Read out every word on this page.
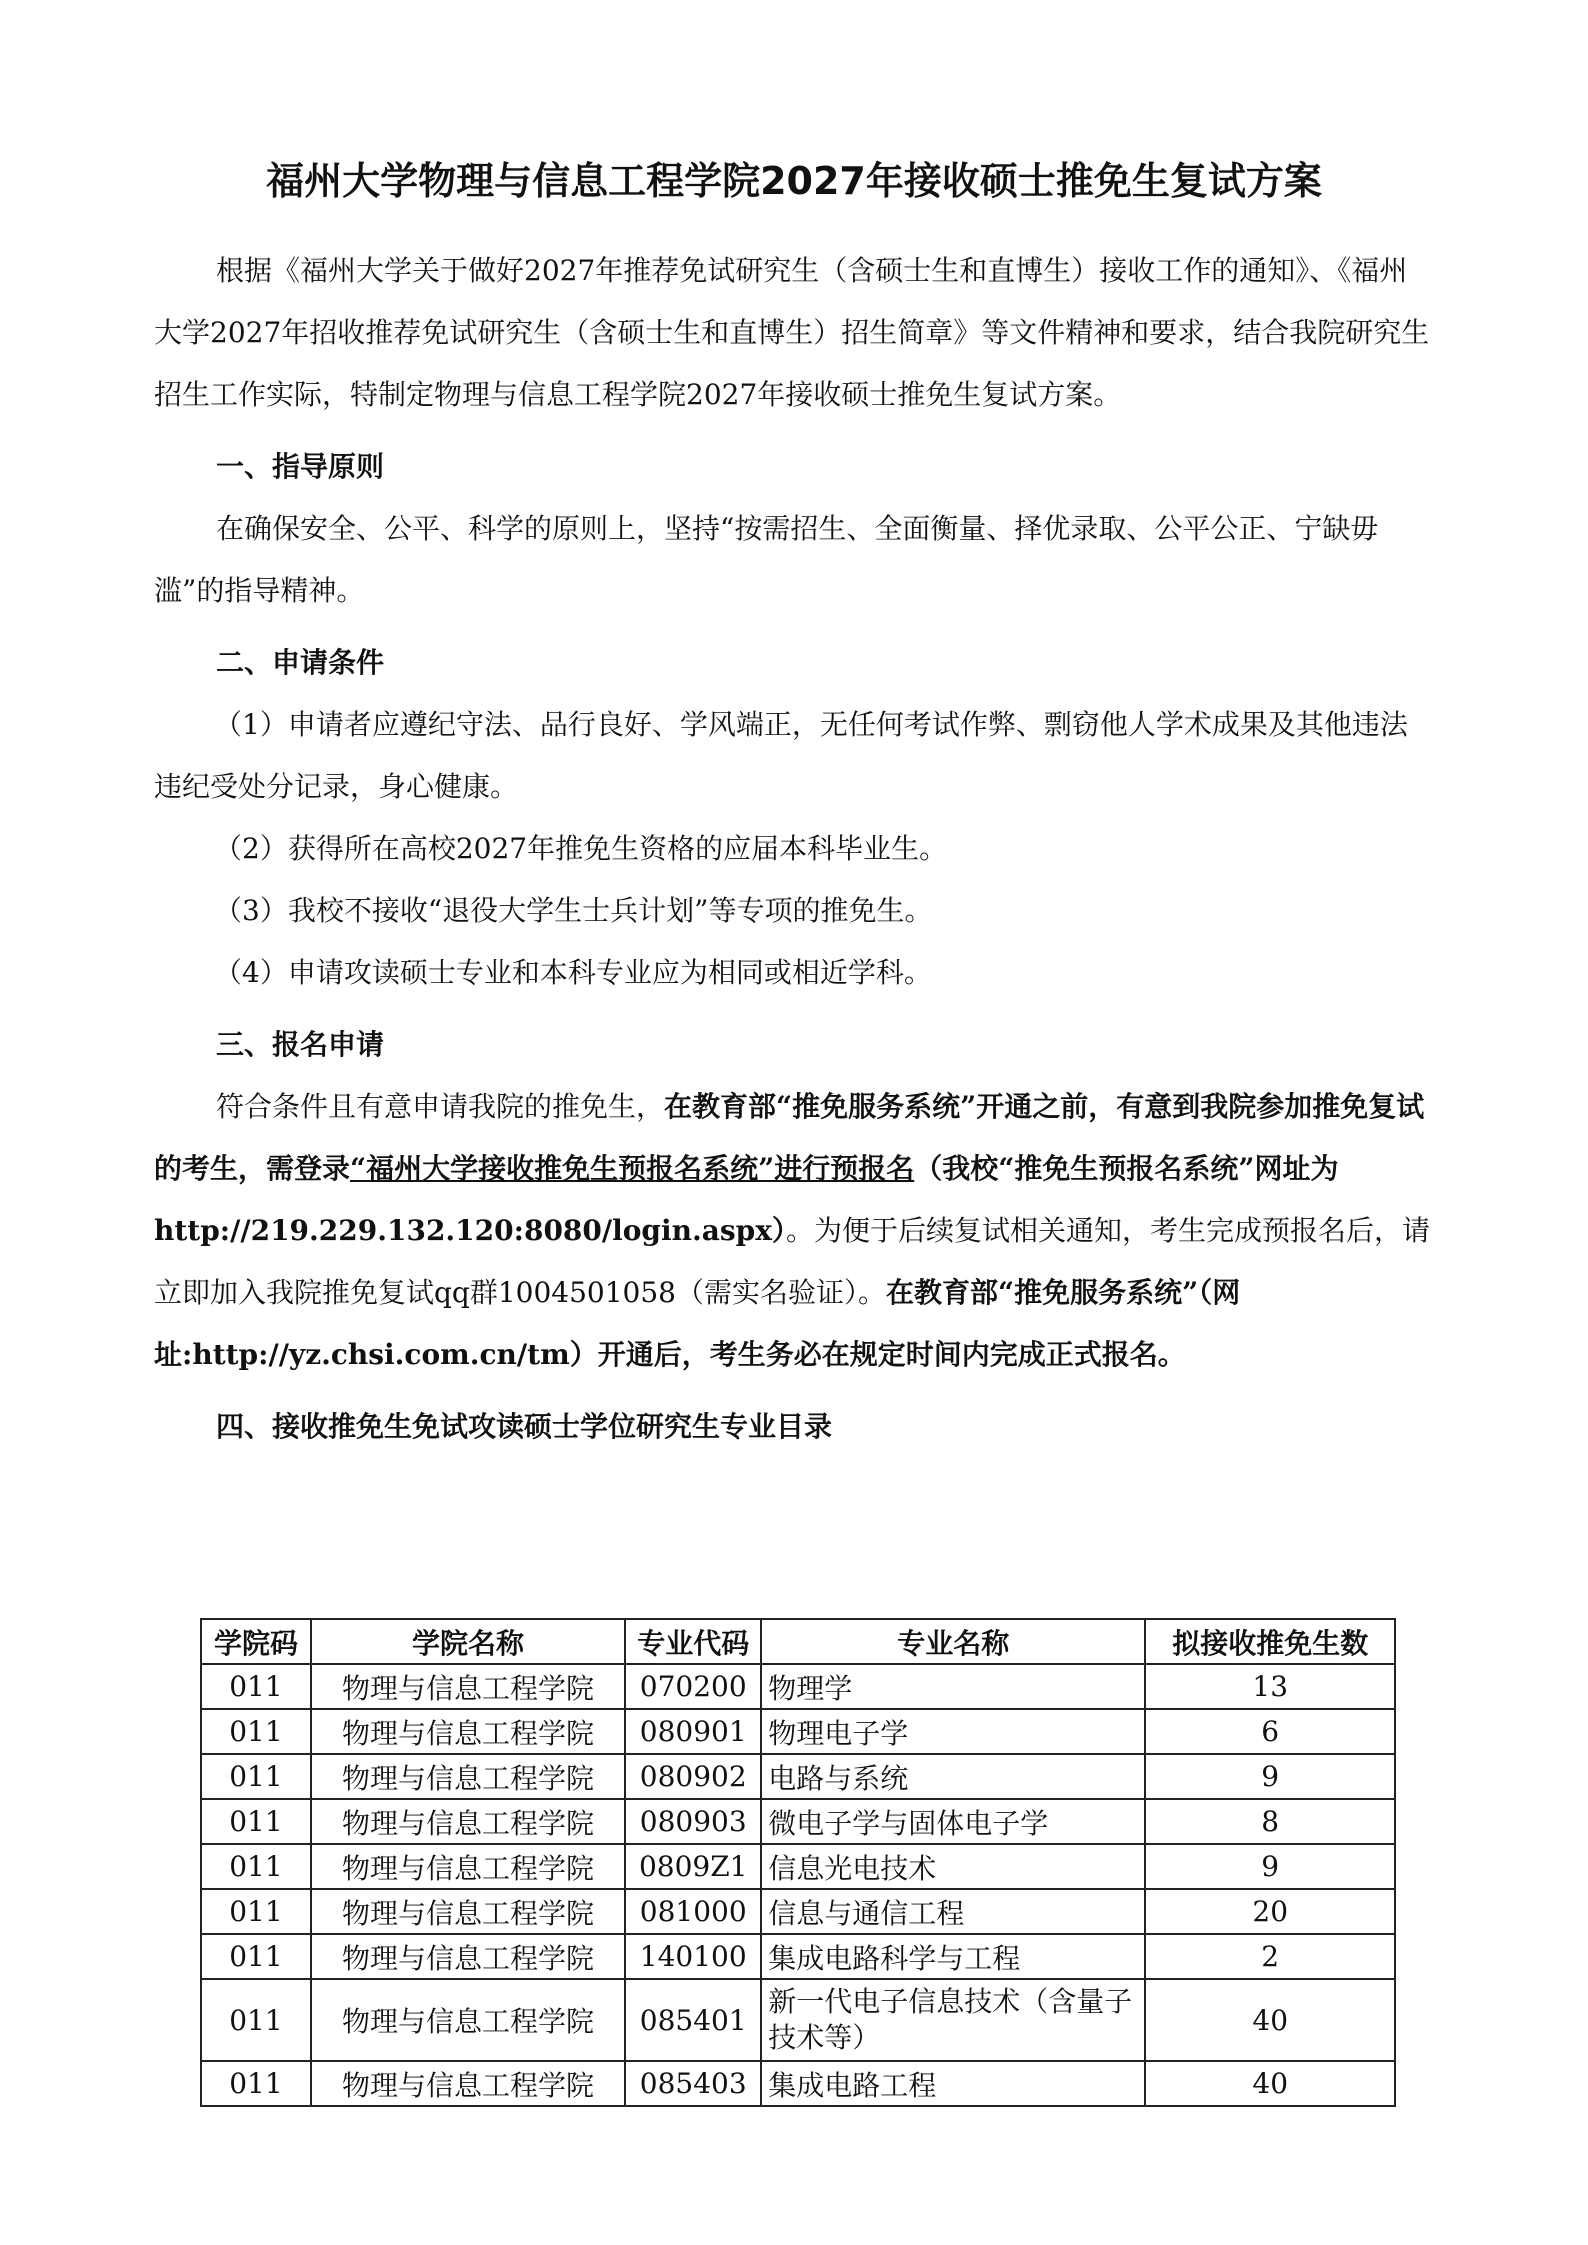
福州大学物理与信息工程学院2027年接收硕士推免生复试方案

根据《福州大学关于做好2027年推荐免试研究生（含硕士生和直博生）接收工作的通知》、《福州大学2027年招收推荐免试研究生（含硕士生和直博生）招生简章》等文件精神和要求，结合我院研究生招生工作实际，特制定物理与信息工程学院2027年接收硕士推免生复试方案。

一、指导原则

在确保安全、公平、科学的原则上，坚持“按需招生、全面衡量、择优录取、公平公正、宁缺毋滥”的指导精神。

二、申请条件

（1）申请者应遵纪守法、品行良好、学风端正，无任何考试作弊、剽窃他人学术成果及其他违法违纪受处分记录，身心健康。

（2）获得所在高校2027年推免生资格的应届本科毕业生。

（3）我校不接收“退役大学生士兵计划”等专项的推免生。

（4）申请攻读硕士专业和本科专业应为相同或相近学科。

三、报名申请

符合条件且有意申请我院的推免生，在教育部“推免服务系统”开通之前，有意到我院参加推免复试的考生，需登录“福州大学接收推免生预报名系统”进行预报名（我校“推免生预报名系统”网址为http://219.229.132.120:8080/login.aspx）。为便于后续复试相关通知，考生完成预报名后，请立即加入我院推免复试qq群1004501058（需实名验证）。在教育部“推免服务系统”（网址:http://yz.chsi.com.cn/tm）开通后，考生务必在规定时间内完成正式报名。

四、接收推免生免试攻读硕士学位研究生专业目录

学院码	学院名称	专业代码	专业名称	拟接收推免生数
011	物理与信息工程学院	070200	物理学	13
011	物理与信息工程学院	080901	物理电子学	6
011	物理与信息工程学院	080902	电路与系统	9
011	物理与信息工程学院	080903	微电子学与固体电子学	8
011	物理与信息工程学院	0809Z1	信息光电技术	9
011	物理与信息工程学院	081000	信息与通信工程	20
011	物理与信息工程学院	140100	集成电路科学与工程	2
011	物理与信息工程学院	085401	新一代电子信息技术（含量子技术等）	40
011	物理与信息工程学院	085403	集成电路工程	40
